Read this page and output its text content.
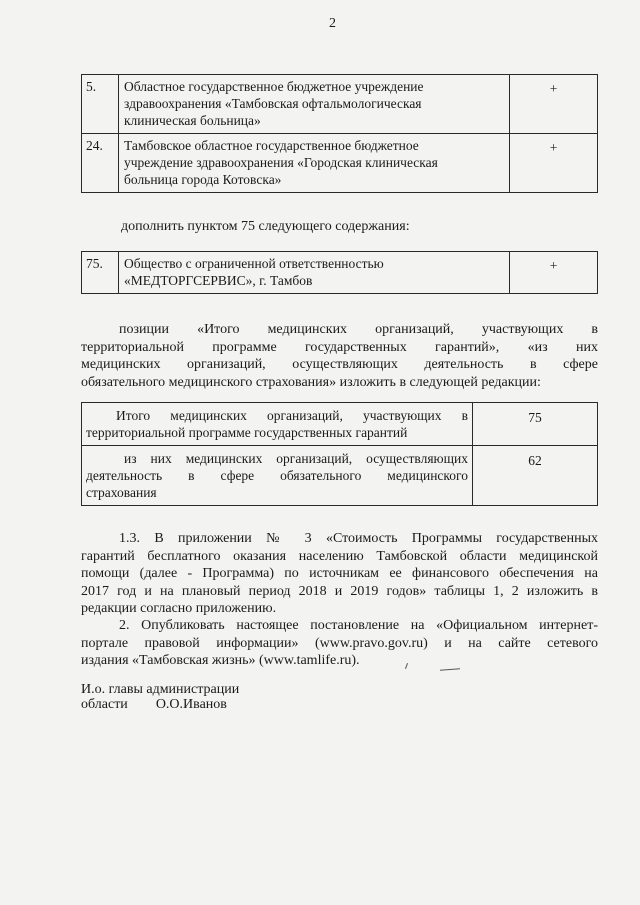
2
5.	Областное государственное бюджетное учреждение
здравоохранения «Тамбовская офтальмологическая
клиническая больница»	+
24.	Тамбовское областное государственное бюджетное
учреждение здравоохранения «Городская клиническая
больница города Котовска»	+

дополнить пунктом 75 следующего содержания:

75.	Общество с ограниченной ответственностью
«МЕДТОРГСЕРВИС», г. Тамбов
	+

позиции «Итого медицинских организаций, участвующих в
территориальной программе государственных гарантий», «из них
медицинских организаций, осуществляющих деятельность в сфере
обязательного медицинского страхования» изложить в следующей редакции:

Итого медицинских организаций, участвующих в
территориальной программе государственных гарантий	75

из них медицинских организаций, осуществляющих
деятельность в сфере обязательного медицинского
страхования	62

1.3. В приложении № 3 «Стоимость Программы государственных
гарантий бесплатного оказания населению Тамбовской области медицинской
помощи (далее - Программа) по источникам ее финансового обеспечения на
2017 год и на плановый период 2018 и 2019 годов» таблицы 1, 2 изложить в
редакции согласно приложению.

2. Опубликовать настоящее постановление на «Официальном интернет-
портале правовой информации» (www.pravo.gov.ru) и на сайте сетевого
издания «Тамбовская жизнь» (www.tamlife.ru).

И.о. главы администрации
области О.О.Иванов
